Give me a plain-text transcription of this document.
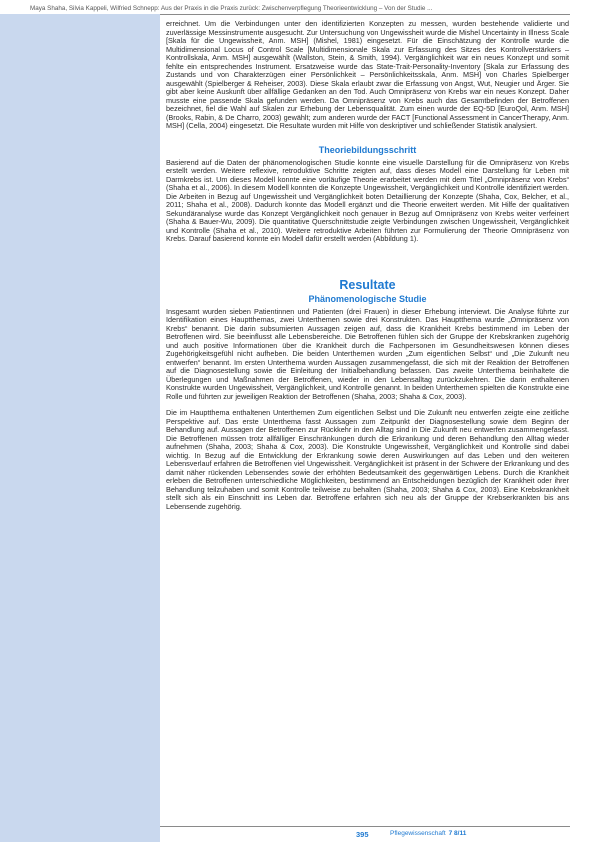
Maya Shaha, Silvia Kappeli, Wilfried Schnepp: Aus der Praxis in die Praxis zurück: Zwischenverpflegung Theorieentwicklung – Von der Studie ...

erreichnet. Um die Verbindungen unter den identifizierten Konzepten zu messen, wurden bestehende validierte und zuverlässige Messinstrumente ausgesucht. Zur Untersuchung von Ungewissheit wurde die Mishel Uncertainty in Illness Scale [Skala für die Ungewissheit, Anm. MSH] (Mishel, 1981) eingesetzt. Für die Einschätzung der Kontrolle wurde die Multidimensional Locus of Control Scale [Multidimensionale Skala zur Erfassung des Sitzes des Kontrollverstärkers – Kontrollskala, Anm. MSH] ausgewählt (Wallston, Stein, & Smith, 1994). Vergänglichkeit war ein neues Konzept und somit fehlte ein entsprechendes Instrument. Ersatzweise wurde das State-Trait-Personality-Inventory [Skala zur Erfassung des Zustands und von Charakterzügen einer Persönlichkeit – Persönlichkeitsskala, Anm. MSH] von Charles Spielberger ausgewählt (Spielberger & Reheiser, 2003). Diese Skala erlaubt zwar die Erfassung von Angst, Wut, Neugier und Ärger. Sie gibt aber keine Auskunft über allfällige Gedanken an den Tod. Auch Omnipräsenz von Krebs war ein neues Konzept. Daher musste eine passende Skala gefunden werden. Da Omnipräsenz von Krebs auch das Gesamtbefinden der Betroffenen bezeichnet, fiel die Wahl auf Skalen zur Erhebung der Lebensqualität. Zum einen wurde der EQ-5D [EuroQol, Anm. MSH] (Brooks, Rabin, & De Charro, 2003) gewählt; zum anderen wurde der FACT [Functional Assessment in CancerTherapy, Anm. MSH] (Cella, 2004) eingesetzt. Die Resultate wurden mit Hilfe von deskriptiver und schließender Statistik analysiert.

Theoriebildungsschritt

Basierend auf die Daten der phänomenologischen Studie konnte eine visuelle Darstellung für die Omnipräsenz von Krebs erstellt werden. Weitere reflexive, retroduktive Schritte zeigten auf, dass dieses Modell eine Darstellung für Leben mit Darmkrebs ist. Um dieses Modell konnte eine vorläufige Theorie erarbeitet werden mit dem Titel „Omnipräsenz von Krebs“ (Shaha et al., 2006). In diesem Modell konnten die Konzepte Ungewissheit, Vergänglichkeit und Kontrolle identifiziert werden. Die Arbeiten in Bezug auf Ungewissheit und Vergänglichkeit boten Detaillierung der Konzepte (Shaha, Cox, Belcher, et al., 2011; Shaha et al., 2008). Dadurch konnte das Modell ergänzt und die Theorie erweitert werden. Mit Hilfe der qualitativen Sekundäranalyse wurde das Konzept Vergänglichkeit noch genauer in Bezug auf Omnipräsenz von Krebs weiter verfeinert (Shaha & Bauer-Wu, 2009). Die quantitative Querschnittstudie zeigte Verbindungen zwischen Ungewissheit, Vergänglichkeit und Kontrolle (Shaha et al., 2010). Weitere retroduktive Arbeiten führten zur Formulierung der Theorie Omnipräsenz von Krebs. Darauf basierend konnte ein Modell dafür erstellt werden (Abbildung 1).

Resultate
Phänomenologische Studie

Insgesamt wurden sieben Patientinnen und Patienten (drei Frauen) in dieser Erhebung interviewt. Die Analyse führte zur Identifikation eines Hauptthemas, zwei Unterthemen sowie drei Konstrukten. Das Hauptthema wurde „Omnipräsenz von Krebs“ benannt. Die darin subsumierten Aussagen zeigen auf, dass die Krankheit Krebs bestimmend im Leben der Betroffenen wird. Sie beeinflusst alle Lebensbereiche. Die Betroffenen fühlen sich der Gruppe der Krebskranken zugehörig und auch positive Informationen über die Krankheit durch die Fachpersonen im Gesundheitswesen können dieses Zugehörigkeitsgefühl nicht aufheben. Die beiden Unterthemen wurden „Zum eigentlichen Selbst“ und „Die Zukunft neu entwerfen“ benannt. Im ersten Unterthema wurden Aussagen zusammengefasst, die sich mit der Reaktion der Betroffenen auf die Diagnosestellung sowie die Einleitung der Initialbehandlung befassen. Das zweite Unterthema beinhaltete die Überlegungen und Maßnahmen der Betroffenen, wieder in den Lebensalltag zurückzukehren. Die darin enthaltenen Konstrukte wurden Ungewissheit, Vergänglichkeit, und Kontrolle genannt. In beiden Unterthemen spielten die Konstrukte eine Rolle und führten zur jeweiligen Reaktion der Betroffenen (Shaha, 2003; Shaha & Cox, 2003).

Die im Hauptthema enthaltenen Unterthemen Zum eigentlichen Selbst und Die Zukunft neu entwerfen zeigte eine zeitliche Perspektive auf. Das erste Unterthema fasst Aussagen zum Zeitpunkt der Diagnosestellung sowie dem Beginn der Behandlung auf. Aussagen der Betroffenen zur Rückkehr in den Alltag sind in Die Zukunft neu entwerfen zusammengefasst. Die Betroffenen müssen trotz allfälliger Einschränkungen durch die Erkrankung und deren Behandlung den Alltag wieder aufnehmen (Shaha, 2003; Shaha & Cox, 2003). Die Konstrukte Ungewissheit, Vergänglichkeit und Kontrolle sind dabei wichtig. In Bezug auf die Entwicklung der Erkrankung sowie deren Auswirkungen auf das Leben und den weiteren Lebensverlauf erfahren die Betroffenen viel Ungewissheit. Vergänglichkeit ist präsent in der Schwere der Erkrankung und des damit näher rückenden Lebensendes sowie der erhöhten Bedeutsamkeit des gegenwärtigen Lebens. Durch die Krankheit erleben die Betroffenen unterschiedliche Möglichkeiten, bestimmend an Entscheidungen bezüglich der Krankheit oder ihrer Behandlung teilzuhaben und somit Kontrolle teilweise zu behalten (Shaha, 2003; Shaha & Cox, 2003). Eine Krebskrankheit stellt sich als ein Einschnitt ins Leben dar. Betroffene erfahren sich neu als der Gruppe der Krebserkrankten bis ans Lebensende zugehörig.

395	Pflegewissenschaft 7 8/11
